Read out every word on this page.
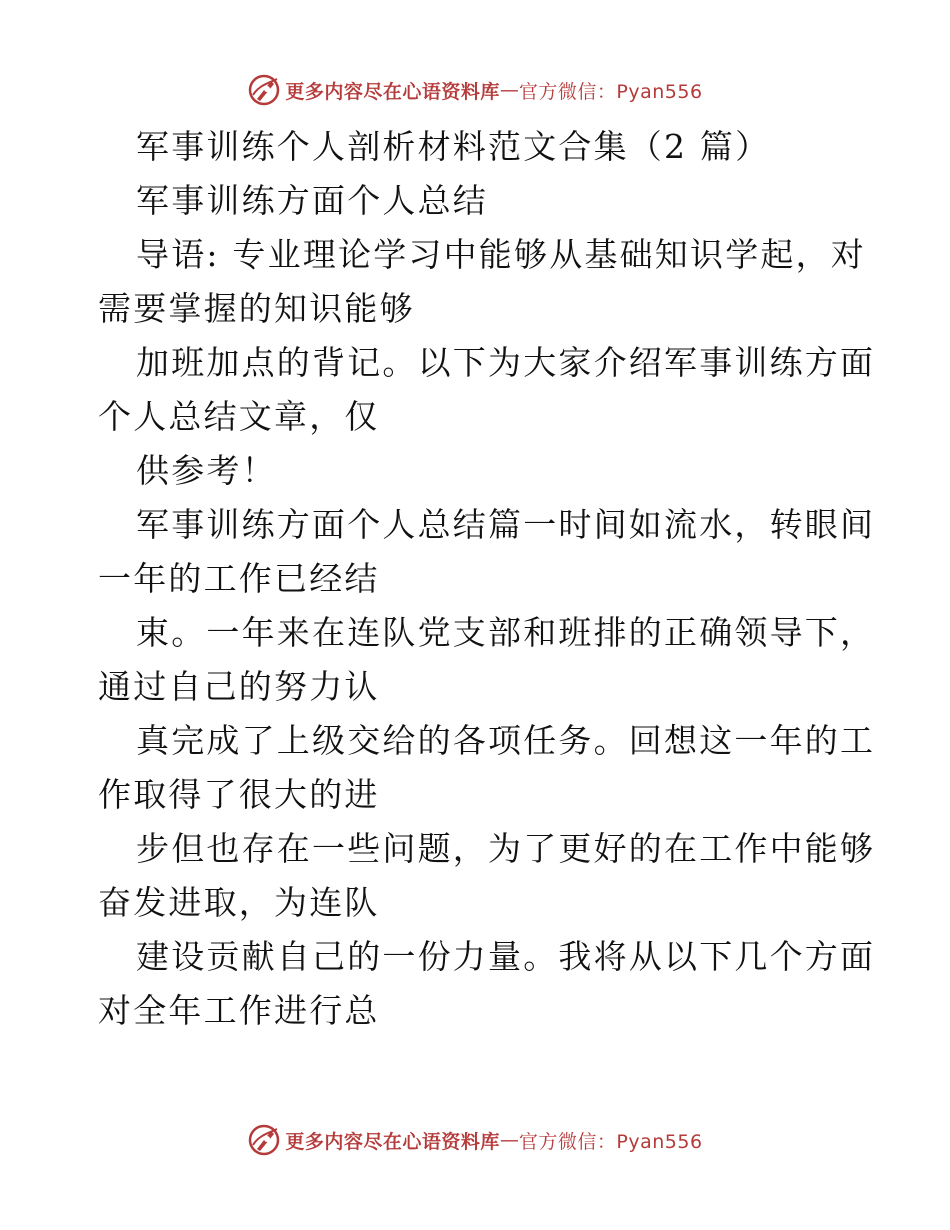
更多内容尽在心语资料库 — 官方微信：Pyan556
军事训练个人剖析材料范文合集（2 篇）
军事训练方面个人总结
导语: 专业理论学习中能够从基础知识学起，对
需要掌握的知识能够
加班加点的背记。以下为大家介绍军事训练方面
个人总结文章，仅
供参考！
军事训练方面个人总结篇一时间如流水，转眼间
一年的工作已经结
束。一年来在连队党支部和班排的正确领导下，
通过自己的努力认
真完成了上级交给的各项任务。回想这一年的工
作取得了很大的进
步但也存在一些问题，为了更好的在工作中能够
奋发进取，为连队
建设贡献自己的一份力量。我将从以下几个方面
对全年工作进行总
更多内容尽在心语资料库 — 官方微信：Pyan556
